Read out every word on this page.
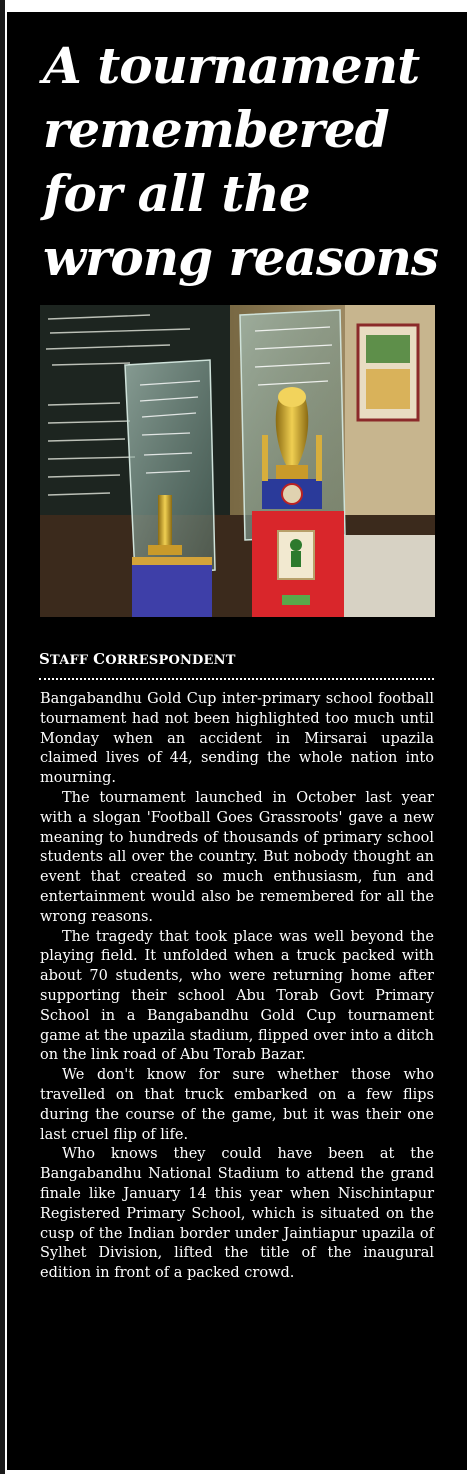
A tournament remembered for all the wrong reasons
STAFF CORRESPONDENT

Bangabandhu Gold Cup inter-primary school football tournament had not been highlighted too much until Monday when an accident in Mirsarai upazila claimed lives of 44, sending the whole nation into mourning.

The tournament launched in October last year with a slogan 'Football Goes Grassroots' gave a new meaning to hundreds of thousands of primary school students all over the country. But nobody thought an event that created so much enthusiasm, fun and entertainment would also be remembered for all the wrong reasons.

The tragedy that took place was well beyond the playing field. It unfolded when a truck packed with about 70 students, who were returning home after supporting their school Abu Torab Govt Primary School in a Bangabandhu Gold Cup tournament game at the upazila stadium, flipped over into a ditch on the link road of Abu Torab Bazar.

We don't know for sure whether those who travelled on that truck embarked on a few flips during the course of the game, but it was their one last cruel flip of life.

Who knows they could have been at the Bangabandhu National Stadium to attend the grand finale like January 14 this year when Nischintapur Registered Primary School, which is situated on the cusp of the Indian border under Jaintiapur upazila of Sylhet Division, lifted the title of the inaugural edition in front of a packed crowd.
